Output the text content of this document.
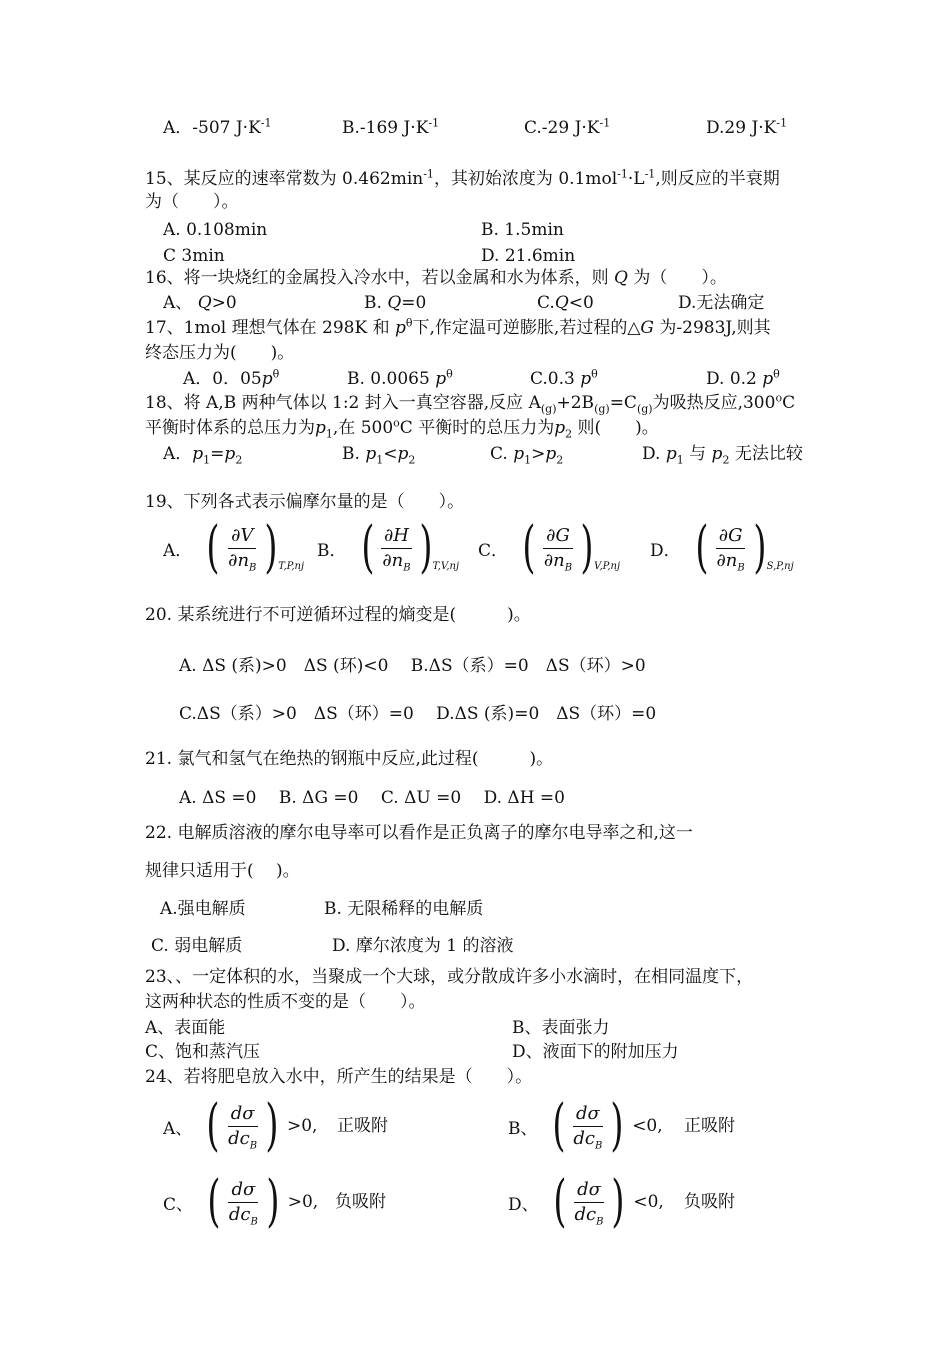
A．-507 $J\cdot K^{-1}$	B.-169 $J\cdot K^{-1}$	C.-29 $J\cdot K^{-1}$	D.29 $J\cdot K^{-1}$
15、某反应的速率常数为 $0.462\min^{-1}$，其初始浓度为 $0.1mol^{-1}\cdot L^{-1}$,则反应的半衰期
为（　　）。
A. 0.108min	B. 1.5min
C 3min	D. 21.6min
16、将一块烧红的金属投入冷水中，若以金属和水为体系，则 Q 为（　　）。
A、 Q>0	B. Q=0	C.Q<0	D.无法确定
17、1mol 理想气体在 298K 和 $p^\theta$下,作定温可逆膨胀,若过程的△G 为-2983J,则其
终态压力为(　　)。
A．0．$05p^\theta$	B. 0.0065 $p^\theta$	C.0.3 $p^\theta$	D. 0.2 $p^\theta$
18、将 A,B 两种气体以 1:2 封入一真空容器,反应 $A_{(g)}+2B_{(g)}=C_{(g)}$为吸热反应,300$^o$C
平衡时体系的总压力为$p_1$,在 500$^o$C 平衡时的总压力为$p_2$ 则(　　)。
A．$p_1=p_2$	B. $p_1<p_2$	C. $p_1>p_2$	D. $p_1$ 与 $p_2$ 无法比较
19、下列各式表示偏摩尔量的是（　　）。
A． ( $\frac{\partial V}{\partial n_B}$ ) T,P,nj
B． ( $\frac{\partial H}{\partial n_B}$ ) T,V,nj
C． ( $\frac{\partial G}{\partial n_B}$ ) V,P,nj
D． ( $\frac{\partial G}{\partial n_B}$ ) S,P,nj
20. 某系统进行不可逆循环过程的熵变是(　　　)。
A. ΔS (系)>0　ΔS (环)<0　 B.ΔS（系）=0　ΔS（环）>0
C.ΔS（系）>0　ΔS（环）=0　 D.ΔS (系)=0　ΔS（环）=0
21. 氯气和氢气在绝热的钢瓶中反应,此过程(　　　)。
A. ΔS =0　 B. ΔG =0　 C. ΔU =0　 D. ΔH =0
22. 电解质溶液的摩尔电导率可以看作是正负离子的摩尔电导率之和,这一
规律只适用于(　 )。
A.强电解质	B. 无限稀释的电解质
C. 弱电解质	D. 摩尔浓度为 1 的溶液
23、、一定体积的水，当聚成一个大球，或分散成许多小水滴时，在相同温度下，
这两种状态的性质不变的是（　　）。
A、表面能	B、表面张力
C、饱和蒸汽压	D、液面下的附加压力
24、若将肥皂放入水中，所产生的结果是（　　）。
A、 ( $\frac{d\sigma}{dc_B}$ ) >0,	正吸附	B、 ( $\frac{d\sigma}{dc_B}$ ) <0, 正吸附
C、 ( $\frac{d\sigma}{dc_B}$ ) >0, 负吸附	D、 ( $\frac{d\sigma}{dc_B}$ ) <0, 负吸附
